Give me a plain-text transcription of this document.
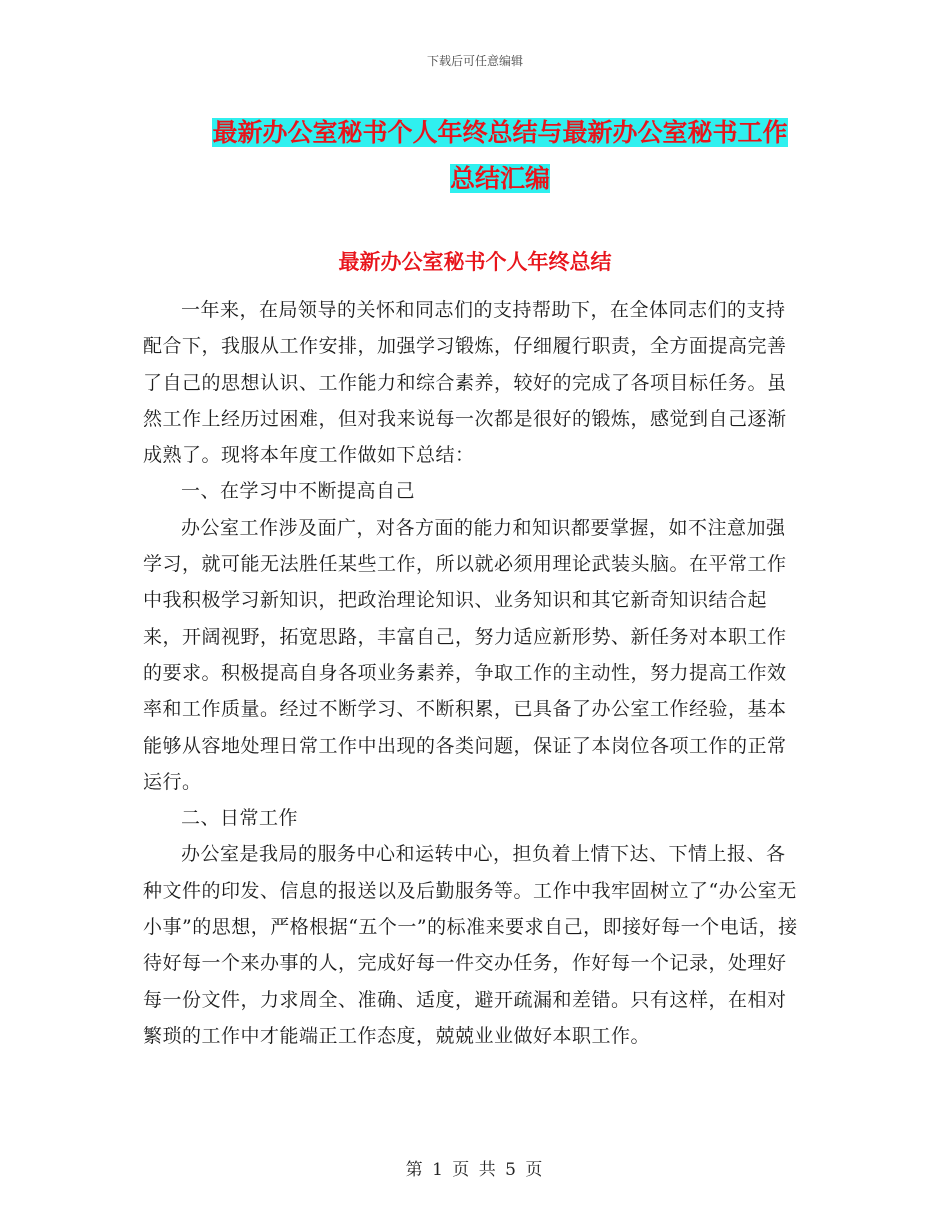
下载后可任意编辑
最新办公室秘书个人年终总结与最新办公室秘书工作
总结汇编
最新办公室秘书个人年终总结

一年来，在局领导的关怀和同志们的支持帮助下，在全体同志们的支持配合下，我服从工作安排，加强学习锻炼，仔细履行职责，全方面提高完善了自己的思想认识、工作能力和综合素养，较好的完成了各项目标任务。虽然工作上经历过困难，但对我来说每一次都是很好的锻炼，感觉到自己逐渐成熟了。现将本年度工作做如下总结：

一、在学习中不断提高自己

办公室工作涉及面广，对各方面的能力和知识都要掌握，如不注意加强学习，就可能无法胜任某些工作，所以就必须用理论武装头脑。在平常工作中我积极学习新知识，把政治理论知识、业务知识和其它新奇知识结合起来，开阔视野，拓宽思路，丰富自己，努力适应新形势、新任务对本职工作的要求。积极提高自身各项业务素养，争取工作的主动性，努力提高工作效率和工作质量。经过不断学习、不断积累，已具备了办公室工作经验，基本能够从容地处理日常工作中出现的各类问题，保证了本岗位各项工作的正常运行。

二、日常工作

办公室是我局的服务中心和运转中心，担负着上情下达、下情上报、各种文件的印发、信息的报送以及后勤服务等。工作中我牢固树立了“办公室无小事”的思想，严格根据“五个一”的标准来要求自己，即接好每一个电话，接待好每一个来办事的人，完成好每一件交办任务，作好每一个记录，处理好每一份文件，力求周全、准确、适度，避开疏漏和差错。只有这样，在相对繁琐的工作中才能端正工作态度，兢兢业业做好本职工作。

第 1 页 共 5 页
